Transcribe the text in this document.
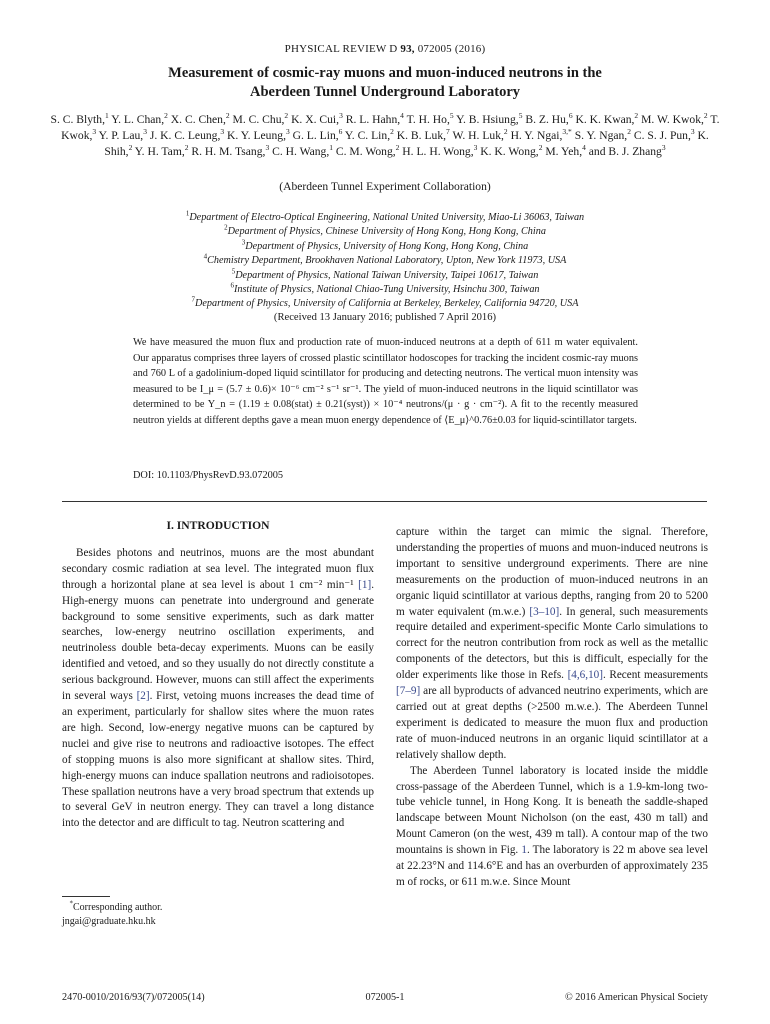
PHYSICAL REVIEW D 93, 072005 (2016)
Measurement of cosmic-ray muons and muon-induced neutrons in the
Aberdeen Tunnel Underground Laboratory
S. C. Blyth,$^1$ Y. L. Chan,$^2$ X. C. Chen,$^2$ M. C. Chu,$^2$ K. X. Cui,$^3$ R. L. Hahn,$^4$ T. H. Ho,$^5$ Y. B. Hsiung,$^5$ B. Z. Hu,$^6$ K. K. Kwan,$^2$ M. W. Kwok,$^2$ T. Kwok,$^3$ Y. P. Lau,$^3$ J. K. C. Leung,$^3$ K. Y. Leung,$^3$ G. L. Lin,$^6$ Y. C. Lin,$^2$ K. B. Luk,$^7$ W. H. Luk,$^2$ H. Y. Ngai,$^{3,*}$ S. Y. Ngan,$^2$ C. S. J. Pun,$^3$ K. Shih,$^2$ Y. H. Tam,$^2$ R. H. M. Tsang,$^3$ C. H. Wang,$^1$ C. M. Wong,$^2$ H. L. H. Wong,$^3$ K. K. Wong,$^2$ M. Yeh,$^4$ and B. J. Zhang$^3$
(Aberdeen Tunnel Experiment Collaboration)
$^1$Department of Electro-Optical Engineering, National United University, Miao-Li 36063, Taiwan
$^2$Department of Physics, Chinese University of Hong Kong, Hong Kong, China
$^3$Department of Physics, University of Hong Kong, Hong Kong, China
$^4$Chemistry Department, Brookhaven National Laboratory, Upton, New York 11973, USA
$^5$Department of Physics, National Taiwan University, Taipei 10617, Taiwan
$^6$Institute of Physics, National Chiao-Tung University, Hsinchu 300, Taiwan
$^7$Department of Physics, University of California at Berkeley, Berkeley, California 94720, USA
(Received 13 January 2016; published 7 April 2016)
We have measured the muon flux and production rate of muon-induced neutrons at a depth of 611 m water equivalent. Our apparatus comprises three layers of crossed plastic scintillator hodoscopes for tracking the incident cosmic-ray muons and 760 L of a gadolinium-doped liquid scintillator for producing and detecting neutrons. The vertical muon intensity was measured to be I_μ = (5.7 ± 0.6)× 10⁻⁶ cm⁻² s⁻¹ sr⁻¹. The yield of muon-induced neutrons in the liquid scintillator was determined to be Y_n = (1.19 ± 0.08(stat) ± 0.21(syst)) × 10⁻⁴ neutrons/(μ · g · cm⁻²). A fit to the recently measured neutron yields at different depths gave a mean muon energy dependence of ⟨E_μ⟩^0.76±0.03 for liquid-scintillator targets.
DOI: 10.1103/PhysRevD.93.072005
I. INTRODUCTION

Besides photons and neutrinos, muons are the most abundant secondary cosmic radiation at sea level. The integrated muon flux through a horizontal plane at sea level is about 1 cm⁻² min⁻¹ [1]. High-energy muons can penetrate into underground and generate background to some sensitive experiments, such as dark matter searches, low-energy neutrino oscillation experiments, and neutrinoless double beta-decay experiments. Muons can be easily identified and vetoed, and so they usually do not directly constitute a serious background. However, muons can still affect the experiments in several ways [2]. First, vetoing muons increases the dead time of an experiment, particularly for shallow sites where the muon rates are high. Second, low-energy negative muons can be captured by nuclei and give rise to neutrons and radioactive isotopes. The effect of stopping muons is also more significant at shallow sites. Third, high-energy muons can induce spallation neutrons and radioisotopes. These spallation neutrons have a very broad spectrum that extends up to several GeV in neutron energy. They can travel a long distance into the detector and are difficult to tag. Neutron scattering and

capture within the target can mimic the signal. Therefore, understanding the properties of muons and muon-induced neutrons is important to sensitive underground experiments. There are nine measurements on the production of muon-induced neutrons in an organic liquid scintillator at various depths, ranging from 20 to 5200 m water equivalent (m.w.e.) [3–10]. In general, such measurements require detailed and experiment-specific Monte Carlo simulations to correct for the neutron contribution from rock as well as the metallic components of the detectors, but this is difficult, especially for the older experiments like those in Refs. [4,6,10]. Recent measurements [7–9] are all byproducts of advanced neutrino experiments, which are carried out at great depths (>2500 m.w.e.). The Aberdeen Tunnel experiment is dedicated to measure the muon flux and production rate of muon-induced neutrons in an organic liquid scintillator at a relatively shallow depth.

The Aberdeen Tunnel laboratory is located inside the middle cross-passage of the Aberdeen Tunnel, which is a 1.9-km-long two-tube vehicle tunnel, in Hong Kong. It is beneath the saddle-shaped landscape between Mount Nicholson (on the east, 430 m tall) and Mount Cameron (on the west, 439 m tall). A contour map of the two mountains is shown in Fig. 1. The laboratory is 22 m above sea level at 22.23°N and 114.6°E and has an overburden of approximately 235 m of rocks, or 611 m.w.e. Since Mount

*Corresponding author.
jngai@graduate.hku.hk
2470-0010/2016/93(7)/072005(14)	072005-1	© 2016 American Physical Society
